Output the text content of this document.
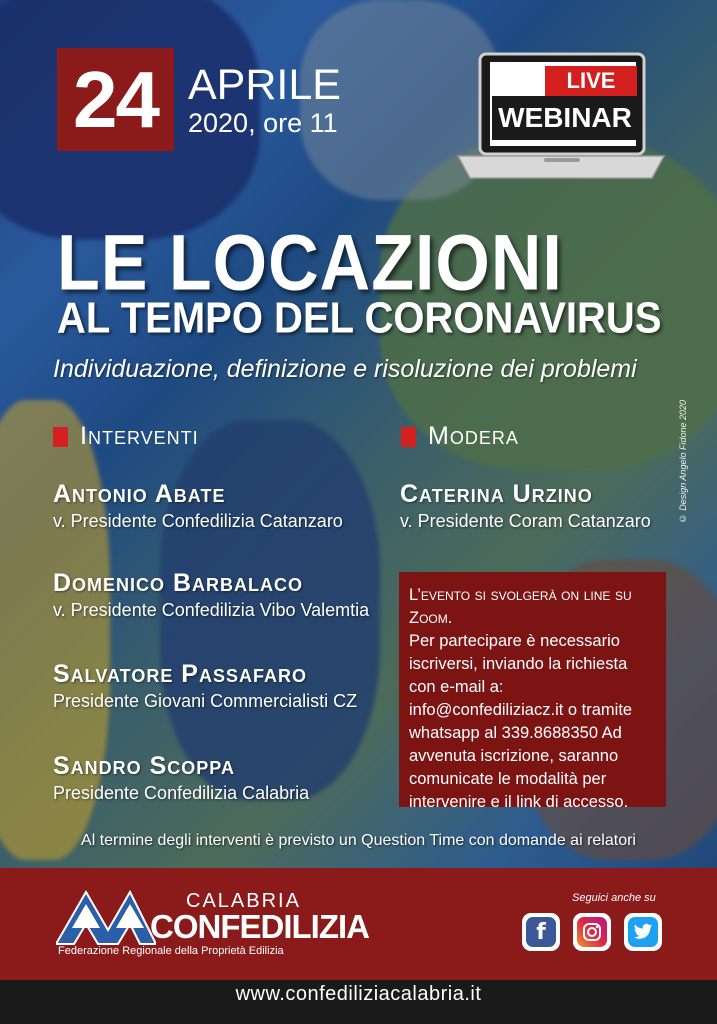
24 APRILE
2020, ore 11
LIVE
WEBINAR
LE LOCAZIONI
AL TEMPO DEL CORONAVIRUS
Individuazione, definizione e risoluzione dei problemi
Interventi	Modera
Antonio Abate
v. Presidente Confedilizia Catanzaro
Domenico Barbalaco
v. Presidente Confedilizia Vibo Valemtia
Salvatore Passafaro
Presidente Giovani Commercialisti CZ
Sandro Scoppa
Presidente Confedilizia Calabria
Caterina Urzino
v. Presidente Coram Catanzaro
L’evento si svolgerà on line su Zoom.
Per partecipare è necessario iscriversi, inviando la richiesta con e-mail a: info@confediliziacz.it o tramite whatsapp al 339.8688350 Ad avvenuta iscrizione, saranno comunicate le modalità per intervenire e il link di accesso.
© Design Angelo Fidone 2020
Al termine degli interventi è previsto un Question Time con domande ai relatori
CALABRIA
CONFEDILIZIA
Federazione Regionale della Proprietà Edilizia
Seguici anche su
f
www.confediliziacalabria.it
